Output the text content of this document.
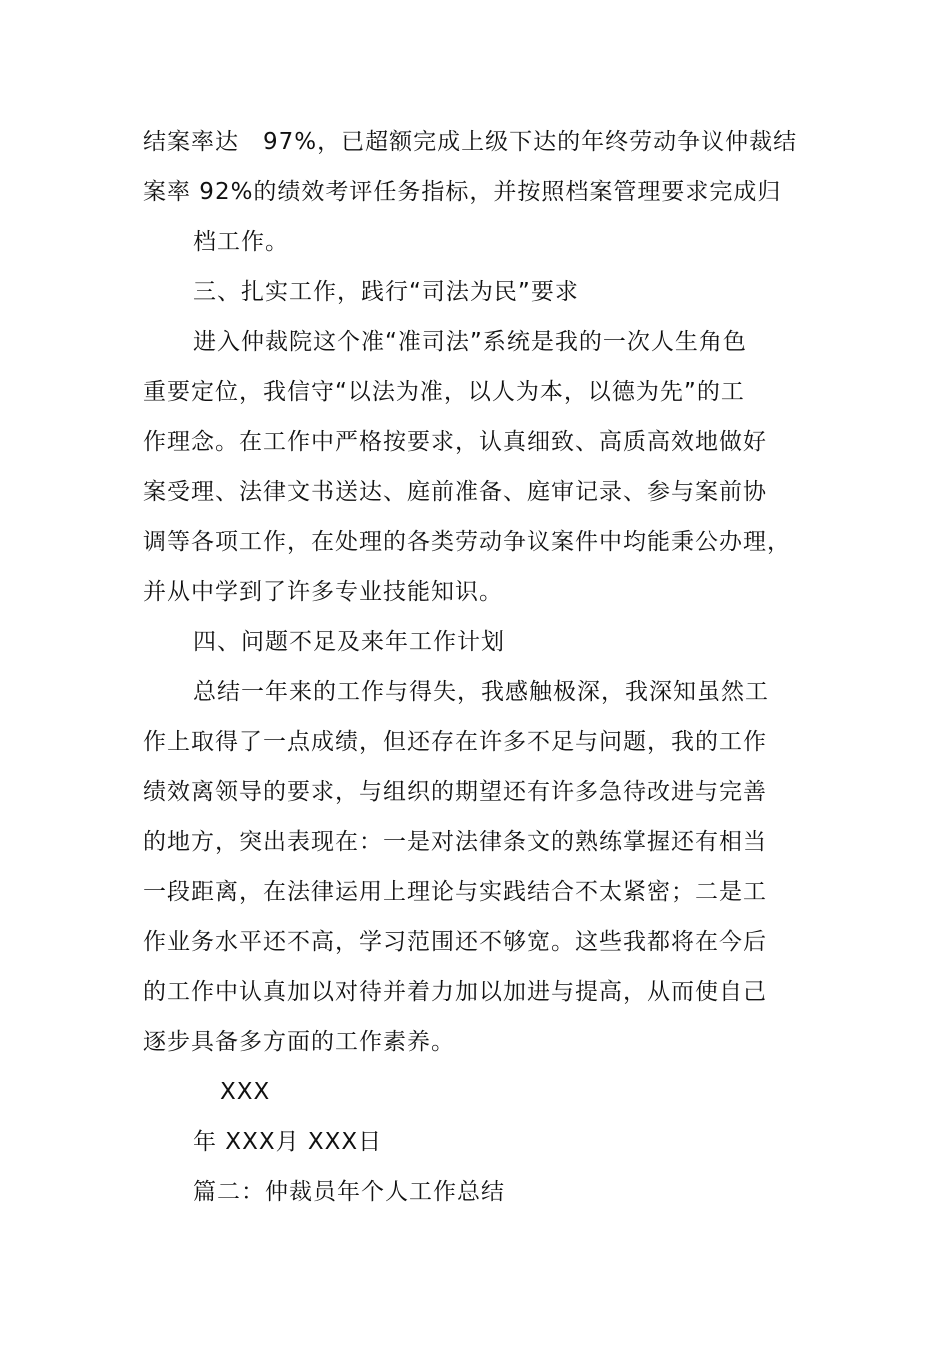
结案率达　97%，已超额完成上级下达的年终劳动争议仲裁结
案率 92%的绩效考评任务指标，并按照档案管理要求完成归
档工作。
三、扎实工作，践行“司法为民”要求
进入仲裁院这个准“准司法”系统是我的一次人生角色
重要定位，我信守“以法为准，以人为本，以德为先”的工
作理念。在工作中严格按要求，认真细致、高质高效地做好
案受理、法律文书送达、庭前准备、庭审记录、参与案前协
调等各项工作，在处理的各类劳动争议案件中均能秉公办理，
并从中学到了许多专业技能知识。
四、问题不足及来年工作计划
总结一年来的工作与得失，我感触极深，我深知虽然工
作上取得了一点成绩，但还存在许多不足与问题，我的工作
绩效离领导的要求，与组织的期望还有许多急待改进与完善
的地方，突出表现在：一是对法律条文的熟练掌握还有相当
一段距离，在法律运用上理论与实践结合不太紧密；二是工
作业务水平还不高，学习范围还不够宽。这些我都将在今后
的工作中认真加以对待并着力加以加进与提高，从而使自己
逐步具备多方面的工作素养。
XXX
年 XXX月 XXX日
篇二：仲裁员年个人工作总结
